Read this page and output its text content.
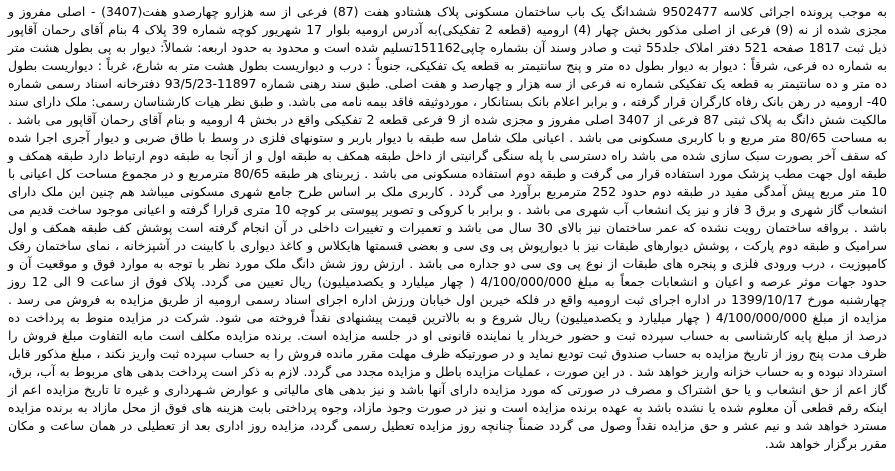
به موجب پرونده اجرائی کلاسه 9502477 ششدانگ یک باب ساختمان مسکونی پلاک هشتادو هفت (87) فرعی از سه هزارو چهارصدو هفت(3407) - اصلی مفروز و مجزی شده از نه (9) فرعی از اصلی مذکور بخش چهار (4) ارومیه (قطعه 2 تفکیکی)به آدرس ارومیه بلوار 17 شهریور کوچه شماره 39 پلاک 4 بنام آقای رحمان آقاپور ذیل ثبت 1817 صفحه 521 دفتر املاک جلد55 ثبت و صادر وسند آن بشماره چاپی151162تسلیم شده است و محدود به حدود اربعه: شمالاً: دیوار به پی بطول هشت متر به شماره ده فرعی، شرقاً : دیوار به دیوار بطول ده متر و پنج سانتیمتر به قطعه یک تفکیکی، جنوباً : درب و دیواریست بطول هشت متر به شارع، غرباً : دیواریست بطول ده متر و ده سانتیمتر به قطعه یک تفکیکی شماره نه فرعی از سه هزار و چهارصد و هفت اصلی. طبق سند رهنی شماره 11897-93/5/23 دفترخانه اسناد رسمی شماره 40- ارومیه در رهن بانک رفاه کارگران قرار گرفته ، و برابر اعلام بانک بستانکار ، موردوثیقه فاقد بیمه نامه می باشد. و طبق نظر هیات کارشناسان رسمی: ملک دارای سند مالکیت شش دانگ به پلاک ثبتی 87 فرعی از 3407 اصلی مفروز و مجزی شده از 9 فرعی قطعه 2 تفکیکی واقع در بخش 4 ارومیه و بنام آقای رحمان آقاپور می باشد . به مساحت 80/65 متر مربع و با کاربری مسکونی می باشد . اعیانی ملک شامل سه طبقه با دیوار باربر و ستونهای فلزی در وسط با طاق ضربی و دیوار آجری اجرا شده که سقف آخر بصورت سبک سازی شده می باشد راه دسترسی با پله سنگی گرانیتی از داخل طبقه همکف به طبقه اول و از آنجا به طبقه دوم ارتباط دارد طبقه همکف و طبقه اول جهت مطب پزشک مورد استفاده قرار می گرفت و طبقه دوم استفاده مسکونی می باشد . زیربنای هر طبقه 80/65 مترمربع و در مجموع مساحت کل اعیانی با 10 متر مربع پیش آمدگی مفید در طبقه دوم حدود 252 مترمربع برآورد می گردد . کاربری ملک بر اساس طرح جامع شهری مسکونی میباشد هم چنین این ملک دارای انشعاب گاز شهری و برق 3 فاز و نیز یک انشعاب آب شهری می باشد . و برابر با کروکی و تصویر پیوستی بر کوچه 10 متری قرارا گرفته و اعیانی موجود ساخت قدیم می باشد . برواقه ساختمان رویت نشده که عمر ساختمان نیز بالای 30 سال می باشد و تعمیرات و تغییرات داخلی در آن انجام گرفته است پوشش کف طبقه همکف و اول سرامیک و طبقه دوم پارکت ، پوشش دیوارهای طبقات نیز با دیوارپوش پی وی سی و بعضی قسمتها هایکلاس و کاغذ دیواری با کابینت در آشپزخانه ، نمای ساختمان رفک کامپوزیت ، درب ورودی فلزی و پنجره های طبقات از نوع پی وی سی دو جداره می باشد . ارزش روز شش دانگ ملک مورد نظر با توجه به موارد فوق و موقعیت آن و حدود جهات موثر عرصه و اعیان و انشعابات جمعاً به مبلغ 4/100/000/000 ( چهار میلیارد و یکصدمیلیون) ریال تعیین می گردد. پلاک فوق از ساعت 9 الی 12 روز چهارشنبه مورخ 1399/10/17 در اداره اجرای ثبت ارومیه واقع در فلکه خیرین اول خیابان ورزش اداره اجرای اسناد رسمی ارومیه از طریق مزایده به فروش می رسد . مزایده از مبلغ 4/100/000/000 ( چهار میلیارد و یکصدمیلیون) ریال شروع و به بالاترین قیمت پیشنهادی نقداً فروخته می شود. شرکت در مزایده منوط به پرداخت ده درصد از مبلغ پایه کارشناسی به حساب سپرده ثبت و حضور خریدار یا نماینده قانونی او در جلسه مزایده است. برنده مزایده مکلف است مابه التفاوت مبلغ فروش را ظرف مدت پنج روز از تاریخ مزایده به حساب صندوق ثبت تودیع نماید و در صورتیکه ظرف مهلت مقرر مانده فروش را به حساب سپرده ثبت واریز نکند ، مبلغ مذکور قابل استرداد نبوده و به حساب خزانه واریز خواهد شد . در این صورت ، عملیات مزایده باطل و مزایده مجدد می گردد. لازم به ذکر است پرداخت بدهی های مربوط به آب، برق، گاز اعم از حق انشعاب و یا حق اشتراک و مصرف در صورتی که مورد مزایده دارای آنها باشد و نیز بدهی های مالیاتی و عوارض شـهرداری و غیره تا تاریخ مزایده اعم از اینکه رقم قطعی آن معلوم شده یا نشده باشد به عهده برنده مزایده است و نیز در صورت وجود مازاد، وجوه پرداختی بابت هزینه های فوق از محل مازاد به برنده مزایده مسترد خواهد شد و نیم عشر و حق مزایده نقداً وصول می گردد ضمناً چنانچه روز مزایده تعطیل رسمی گردد، مزایده روز اداری بعد از تعطیلی در همان ساعت و مکان مقرر برگزار خواهد شد.
